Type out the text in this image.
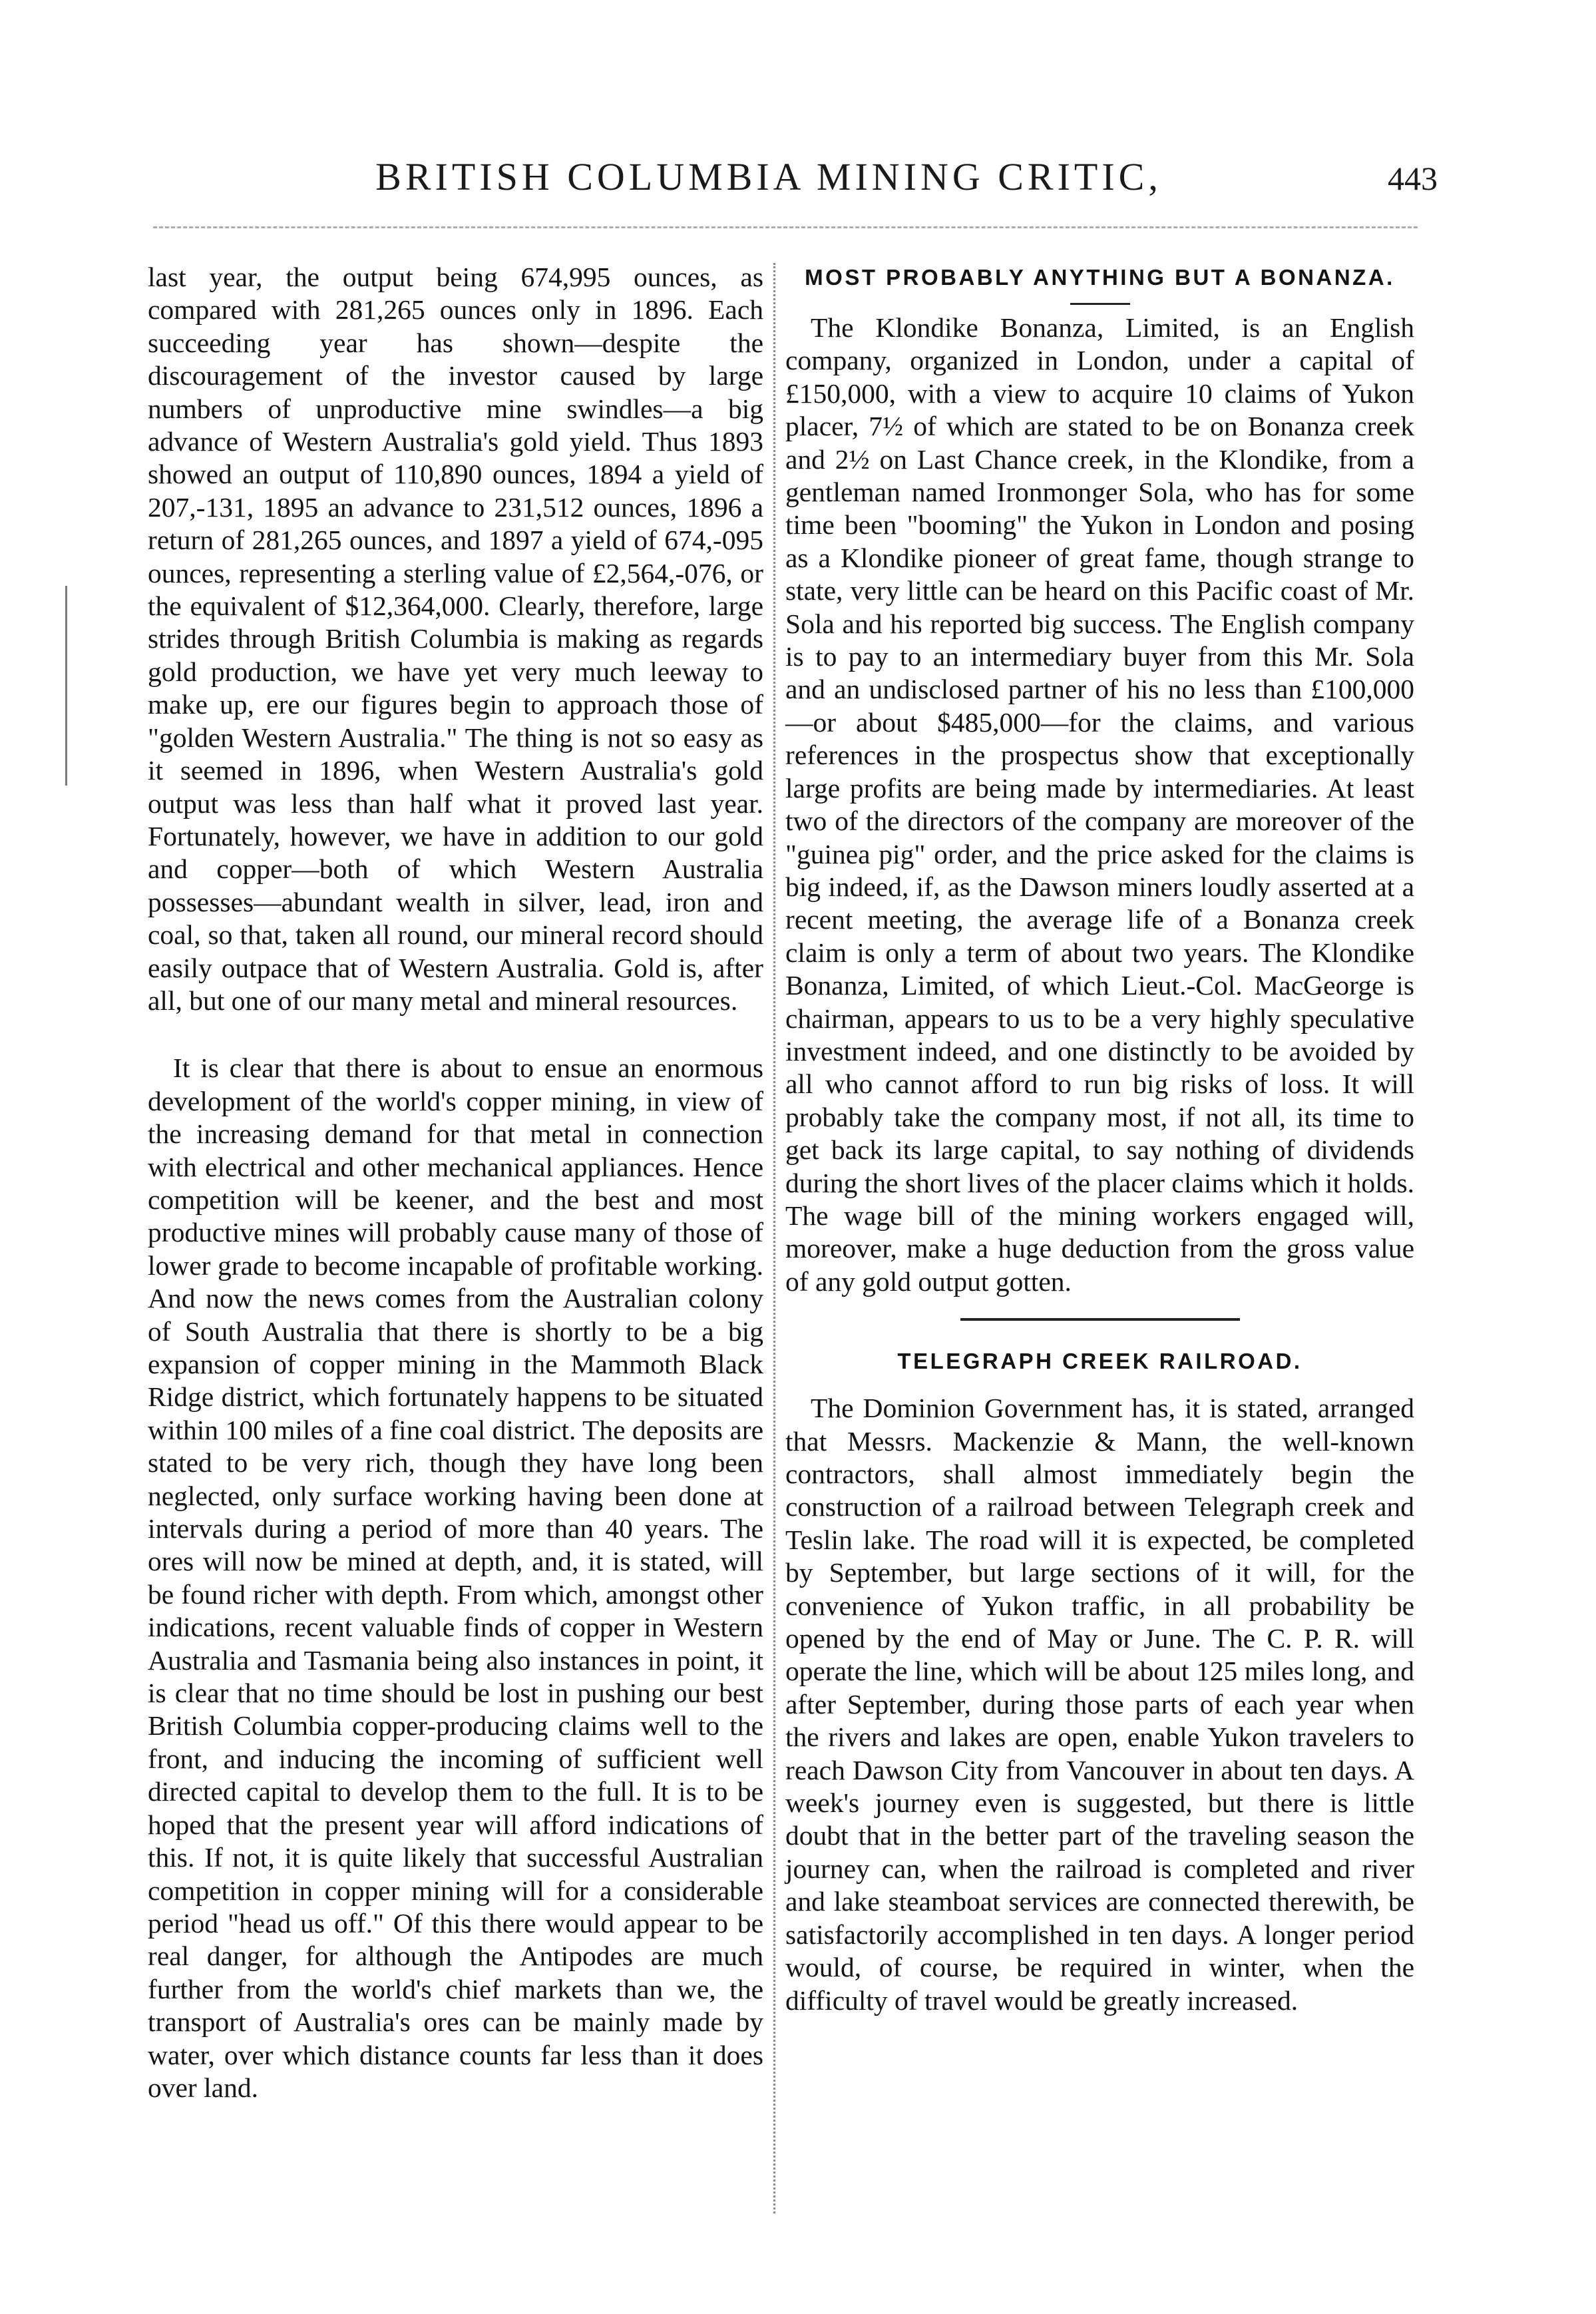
BRITISH COLUMBIA MINING CRITIC,	443

last year, the output being 674,995 ounces, as compared with 281,265 ounces only in 1896. Each succeeding year has shown—despite the discouragement of the investor caused by large numbers of unproductive mine swindles—a big advance of Western Australia's gold yield. Thus 1893 showed an output of 110,890 ounces, 1894 a yield of 207,-131, 1895 an advance to 231,512 ounces, 1896 a return of 281,265 ounces, and 1897 a yield of 674,-095 ounces, representing a sterling value of £2,564,-076, or the equivalent of $12,364,000. Clearly, therefore, large strides through British Columbia is making as regards gold production, we have yet very much leeway to make up, ere our figures begin to approach those of "golden Western Australia." The thing is not so easy as it seemed in 1896, when Western Australia's gold output was less than half what it proved last year. Fortunately, however, we have in addition to our gold and copper—both of which Western Australia possesses—abundant wealth in silver, lead, iron and coal, so that, taken all round, our mineral record should easily outpace that of Western Australia. Gold is, after all, but one of our many metal and mineral resources.

It is clear that there is about to ensue an enormous development of the world's copper mining, in view of the increasing demand for that metal in connection with electrical and other mechanical appliances. Hence competition will be keener, and the best and most productive mines will probably cause many of those of lower grade to become incapable of profitable working. And now the news comes from the Australian colony of South Australia that there is shortly to be a big expansion of copper mining in the Mammoth Black Ridge district, which fortunately happens to be situated within 100 miles of a fine coal district. The deposits are stated to be very rich, though they have long been neglected, only surface working having been done at intervals during a period of more than 40 years. The ores will now be mined at depth, and, it is stated, will be found richer with depth. From which, amongst other indications, recent valuable finds of copper in Western Australia and Tasmania being also instances in point, it is clear that no time should be lost in pushing our best British Columbia copper-producing claims well to the front, and inducing the incoming of sufficient well directed capital to develop them to the full. It is to be hoped that the present year will afford indications of this. If not, it is quite likely that successful Australian competition in copper mining will for a considerable period "head us off." Of this there would appear to be real danger, for although the Antipodes are much further from the world's chief markets than we, the transport of Australia's ores can be mainly made by water, over which distance counts far less than it does over land.

MOST PROBABLY ANYTHING BUT A BONANZA.

The Klondike Bonanza, Limited, is an English company, organized in London, under a capital of £150,000, with a view to acquire 10 claims of Yukon placer, 7½ of which are stated to be on Bonanza creek and 2½ on Last Chance creek, in the Klondike, from a gentleman named Ironmonger Sola, who has for some time been "booming" the Yukon in London and posing as a Klondike pioneer of great fame, though strange to state, very little can be heard on this Pacific coast of Mr. Sola and his reported big success. The English company is to pay to an intermediary buyer from this Mr. Sola and an undisclosed partner of his no less than £100,000—or about $485,000—for the claims, and various references in the prospectus show that exceptionally large profits are being made by intermediaries. At least two of the directors of the company are moreover of the "guinea pig" order, and the price asked for the claims is big indeed, if, as the Dawson miners loudly asserted at a recent meeting, the average life of a Bonanza creek claim is only a term of about two years. The Klondike Bonanza, Limited, of which Lieut.-Col. MacGeorge is chairman, appears to us to be a very highly speculative investment indeed, and one distinctly to be avoided by all who cannot afford to run big risks of loss. It will probably take the company most, if not all, its time to get back its large capital, to say nothing of dividends during the short lives of the placer claims which it holds. The wage bill of the mining workers engaged will, moreover, make a huge deduction from the gross value of any gold output gotten.

TELEGRAPH CREEK RAILROAD.

The Dominion Government has, it is stated, arranged that Messrs. Mackenzie & Mann, the well-known contractors, shall almost immediately begin the construction of a railroad between Telegraph creek and Teslin lake. The road will it is expected, be completed by September, but large sections of it will, for the convenience of Yukon traffic, in all probability be opened by the end of May or June. The C. P. R. will operate the line, which will be about 125 miles long, and after September, during those parts of each year when the rivers and lakes are open, enable Yukon travelers to reach Dawson City from Vancouver in about ten days. A week's journey even is suggested, but there is little doubt that in the better part of the traveling season the journey can, when the railroad is completed and river and lake steamboat services are connected therewith, be satisfactorily accomplished in ten days. A longer period would, of course, be required in winter, when the difficulty of travel would be greatly increased.
